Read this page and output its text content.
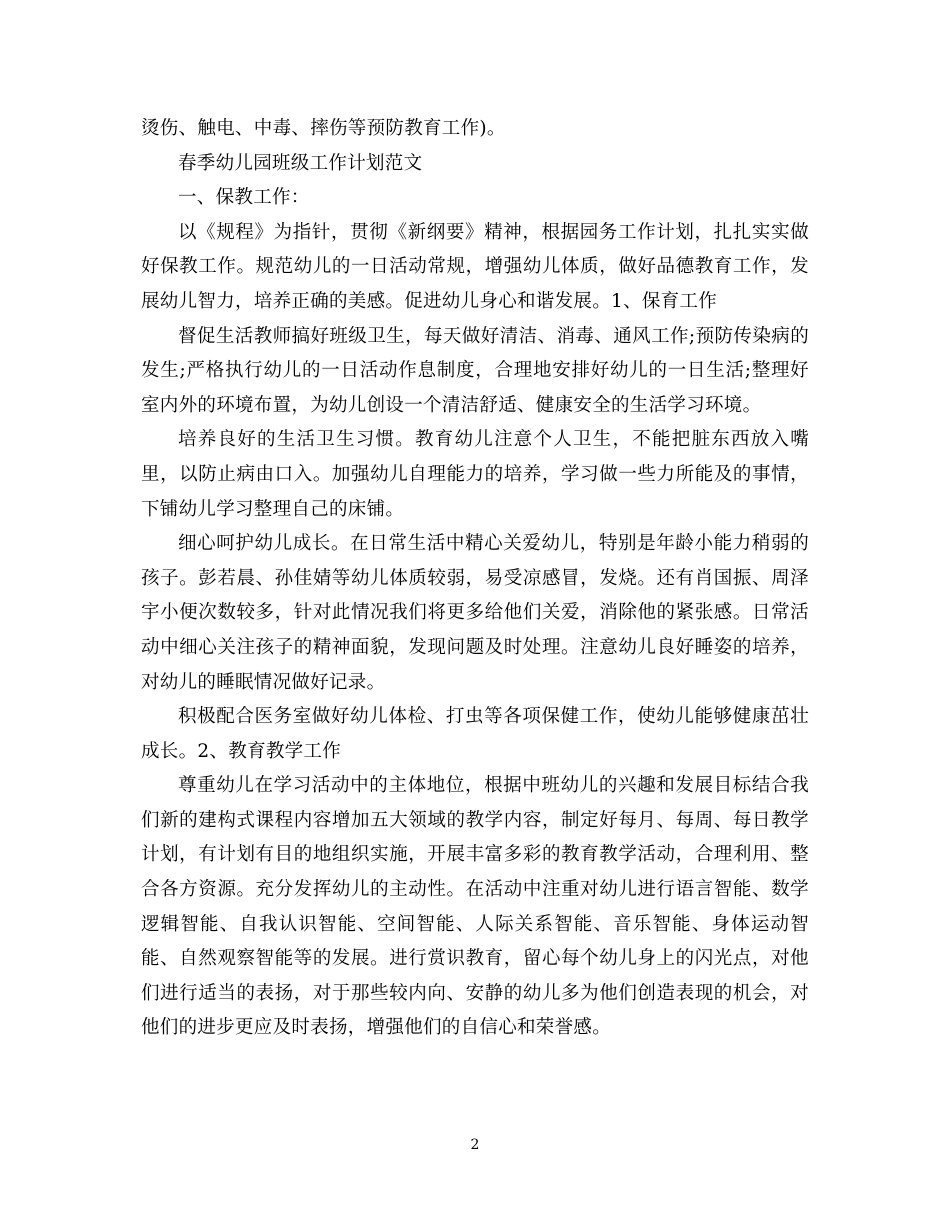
烫伤、触电、中毒、摔伤等预防教育工作)。

春季幼儿园班级工作计划范文

一、保教工作：

以《规程》为指针，贯彻《新纲要》精神，根据园务工作计划，扎扎实实做好保教工作。规范幼儿的一日活动常规，增强幼儿体质，做好品德教育工作，发展幼儿智力，培养正确的美感。促进幼儿身心和谐发展。1、保育工作

督促生活教师搞好班级卫生，每天做好清洁、消毒、通风工作;预防传染病的发生;严格执行幼儿的一日活动作息制度，合理地安排好幼儿的一日生活;整理好室内外的环境布置，为幼儿创设一个清洁舒适、健康安全的生活学习环境。

培养良好的生活卫生习惯。教育幼儿注意个人卫生，不能把脏东西放入嘴里，以防止病由口入。加强幼儿自理能力的培养，学习做一些力所能及的事情，下铺幼儿学习整理自己的床铺。

细心呵护幼儿成长。在日常生活中精心关爱幼儿，特别是年龄小能力稍弱的孩子。彭若晨、孙佳婧等幼儿体质较弱，易受凉感冒，发烧。还有肖国振、周泽宇小便次数较多，针对此情况我们将更多给他们关爱，消除他的紧张感。日常活动中细心关注孩子的精神面貌，发现问题及时处理。注意幼儿良好睡姿的培养，对幼儿的睡眠情况做好记录。

积极配合医务室做好幼儿体检、打虫等各项保健工作，使幼儿能够健康茁壮成长。2、教育教学工作

尊重幼儿在学习活动中的主体地位，根据中班幼儿的兴趣和发展目标结合我们新的建构式课程内容增加五大领域的教学内容，制定好每月、每周、每日教学计划，有计划有目的地组织实施，开展丰富多彩的教育教学活动，合理利用、整合各方资源。充分发挥幼儿的主动性。在活动中注重对幼儿进行语言智能、数学逻辑智能、自我认识智能、空间智能、人际关系智能、音乐智能、身体运动智能、自然观察智能等的发展。进行赏识教育，留心每个幼儿身上的闪光点，对他们进行适当的表扬，对于那些较内向、安静的幼儿多为他们创造表现的机会，对他们的进步更应及时表扬，增强他们的自信心和荣誉感。

2
